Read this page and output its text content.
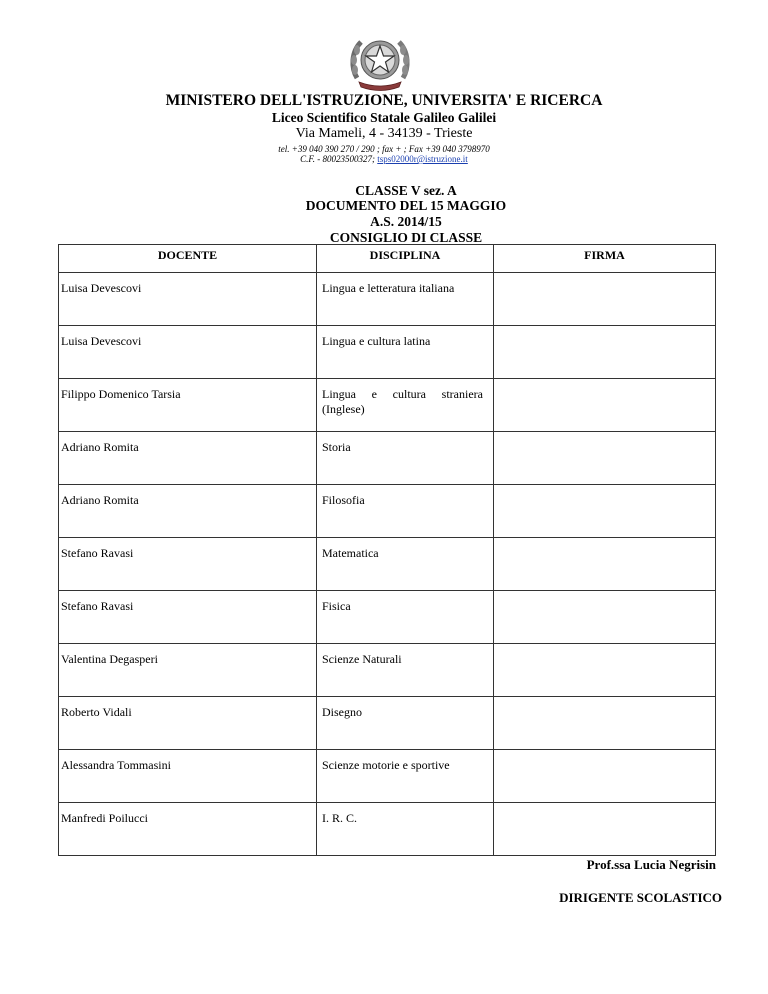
MINISTERO DELL'ISTRUZIONE, UNIVERSITA' E RICERCA
Liceo Scientifico Statale Galileo Galilei
Via Mameli, 4 - 34139 - Trieste
tel. +39 040 390 270 / 290 ; fax + ; Fax +39 040 3798970
C.F. - 80023500327; tsps02000r@istruzione.it
CLASSE V sez. A
DOCUMENTO DEL 15 MAGGIO
A.S. 2014/15
CONSIGLIO DI CLASSE
DOCENTE	DISCIPLINA	FIRMA
Luisa Devescovi	Lingua e letteratura italiana	

Luisa Devescovi	Lingua e cultura latina	

Filippo Domenico Tarsia	Lingua e cultura straniera (Inglese)	

Adriano Romita	Storia	

Adriano Romita	Filosofia	

Stefano Ravasi	Matematica	

Stefano Ravasi	Fisica	

Valentina Degasperi	Scienze Naturali	

Roberto Vidali	Disegno	

Alessandra Tommasini	Scienze motorie e sportive	

Manfredi Poilucci	I. R. C.	

Prof.ssa Lucia Negrisin
DIRIGENTE SCOLASTICO
